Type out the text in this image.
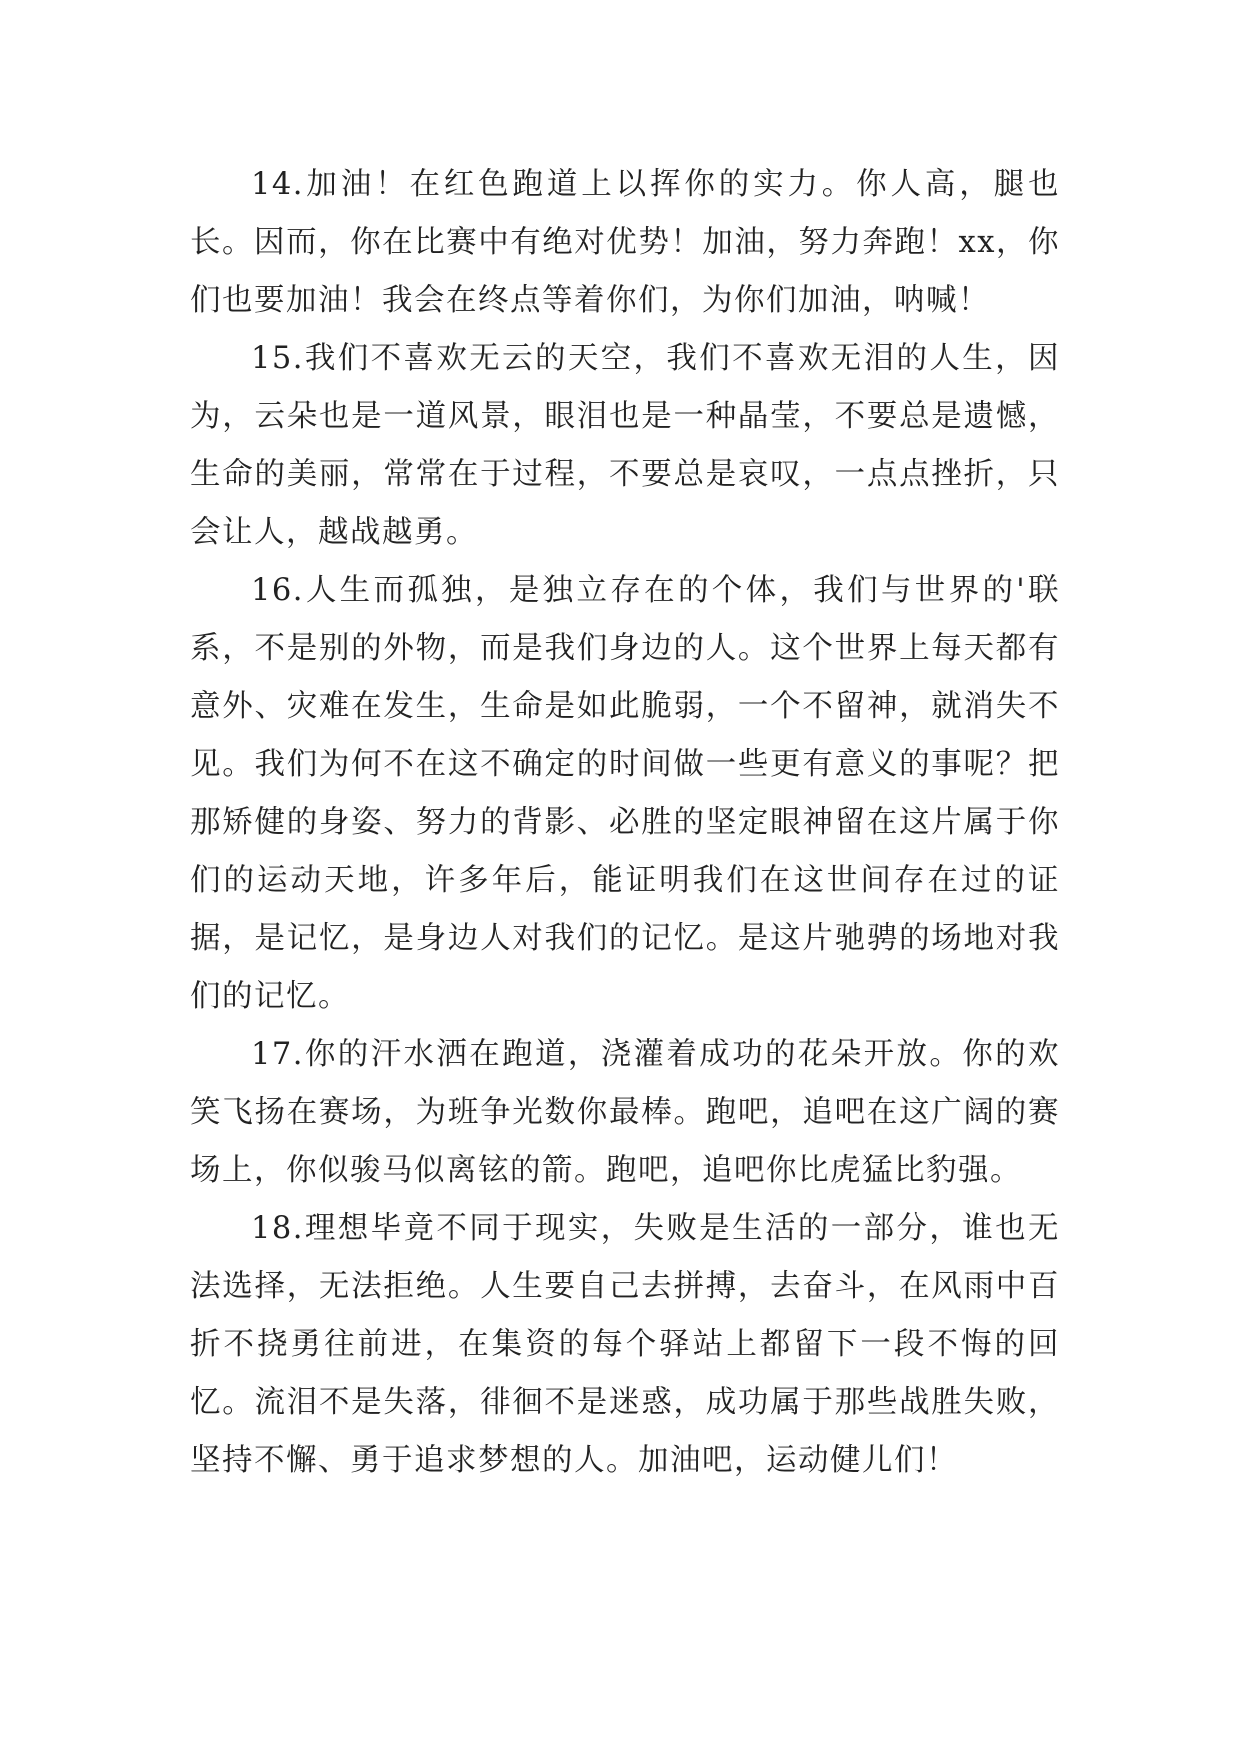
14.加油！在红色跑道上以挥你的实力。你人高，腿也长。因而，你在比赛中有绝对优势！加油，努力奔跑！xx，你们也要加油！我会在终点等着你们，为你们加油，呐喊！

15.我们不喜欢无云的天空，我们不喜欢无泪的人生，因为，云朵也是一道风景，眼泪也是一种晶莹，不要总是遗憾，生命的美丽，常常在于过程，不要总是哀叹，一点点挫折，只会让人，越战越勇。

16.人生而孤独，是独立存在的个体，我们与世界的'联系，不是别的外物，而是我们身边的人。这个世界上每天都有意外、灾难在发生，生命是如此脆弱，一个不留神，就消失不见。我们为何不在这不确定的时间做一些更有意义的事呢？把那矫健的身姿、努力的背影、必胜的坚定眼神留在这片属于你们的运动天地，许多年后，能证明我们在这世间存在过的证据，是记忆，是身边人对我们的记忆。是这片驰骋的场地对我们的记忆。

17.你的汗水洒在跑道，浇灌着成功的花朵开放。你的欢笑飞扬在赛场，为班争光数你最棒。跑吧，追吧在这广阔的赛场上，你似骏马似离铉的箭。跑吧，追吧你比虎猛比豹强。

18.理想毕竟不同于现实，失败是生活的一部分，谁也无法选择，无法拒绝。人生要自己去拼搏，去奋斗，在风雨中百折不挠勇往前进，在集资的每个驿站上都留下一段不悔的回忆。流泪不是失落，徘徊不是迷惑，成功属于那些战胜失败，坚持不懈、勇于追求梦想的人。加油吧，运动健儿们！
